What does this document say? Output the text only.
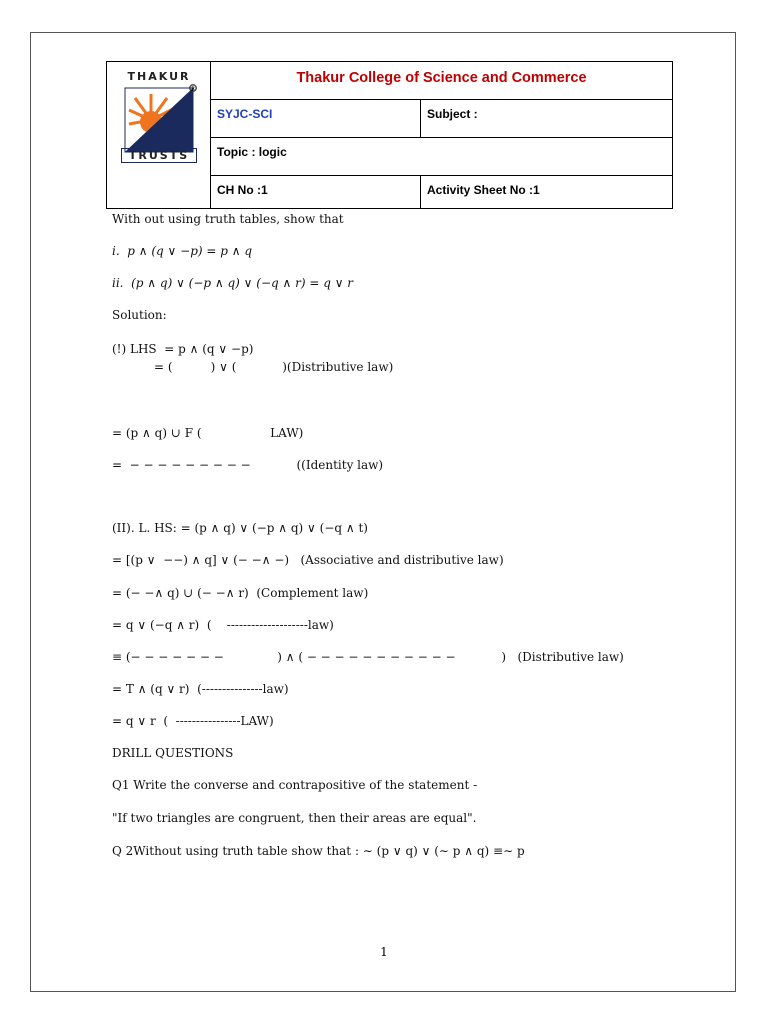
THAKUR
®
TRUSTS
Thakur College of Science and Commerce
SYJC-SCI	Subject :
Topic : logic
CH No :1	Activity Sheet No :1
With out using truth tables, show that
i.  p ∧ (q ∨ −p) = p ∧ q
ii.  (p ∧ q) ∨ (−p ∧ q) ∨ (−q ∧ r) = q ∨ r
Solution:
(!) LHS  = p ∧ (q ∨ −p)
= (          ) ∨ (            )(Distributive law)
= (p ∧ q) ∪ F (                  LAW)
=  − − − − − − − − −            ((Identity law)
(II). L. HS: = (p ∧ q) ∨ (−p ∧ q) ∨ (−q ∧ t)
= [(p ∨  −−) ∧ q] ∨ (− −∧ −)   (Associative and distributive law)
= (− −∧ q) ∪ (− −∧ r)  (Complement law)
= q ∨ (−q ∧ r)  (    --------------------law)
≡ (− − − − − − −              ) ∧ ( − − − − − − − − − − −            )   (Distributive law)
= T ∧ (q ∨ r)  (---------------law)
= q ∨ r  (  ----------------LAW)
DRILL QUESTIONS
Q1 Write the converse and contrapositive of the statement -
"If two triangles are congruent, then their areas are equal".
Q 2Without using truth table show that : ∼ (p ∨ q) ∨ (∼ p ∧ q) ≡∼ p
1
